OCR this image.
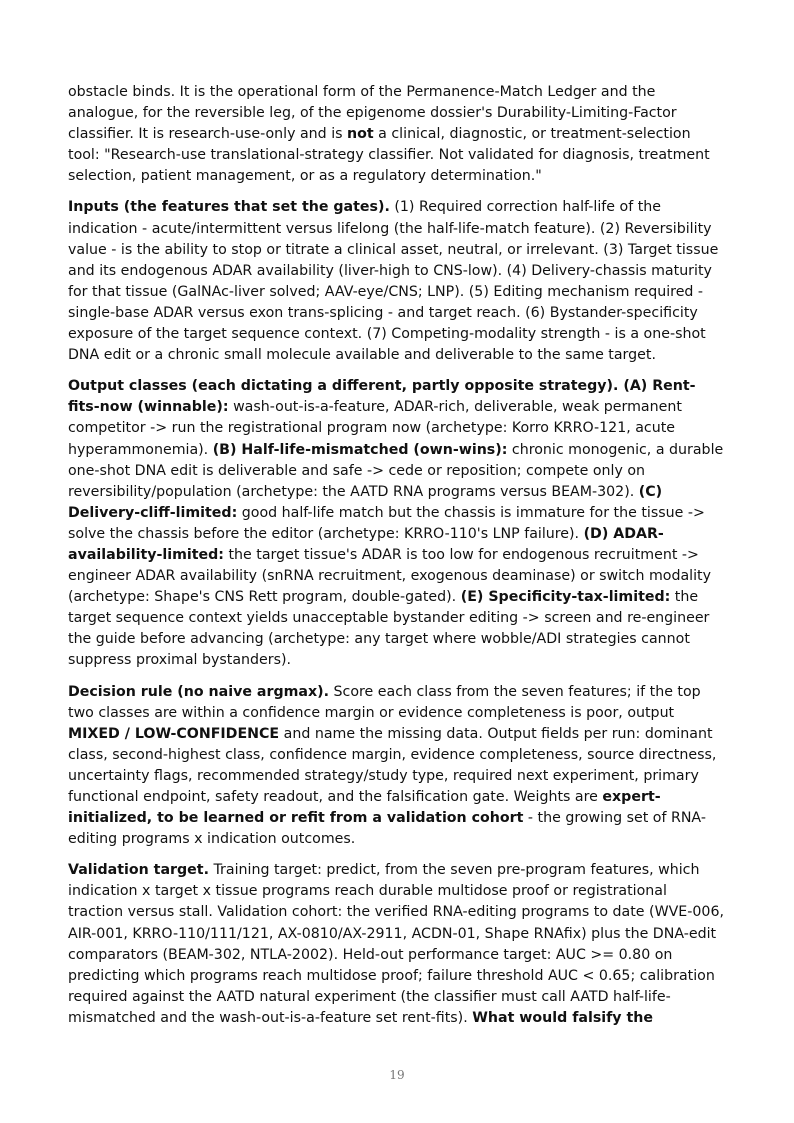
obstacle binds. It is the operational form of the Permanence-Match Ledger and the analogue, for the reversible leg, of the epigenome dossier's Durability-Limiting-Factor classifier. It is research-use-only and is not a clinical, diagnostic, or treatment-selection tool: "Research-use translational-strategy classifier. Not validated for diagnosis, treatment selection, patient management, or as a regulatory determination."

Inputs (the features that set the gates). (1) Required correction half-life of the indication - acute/intermittent versus lifelong (the half-life-match feature). (2) Reversibility value - is the ability to stop or titrate a clinical asset, neutral, or irrelevant. (3) Target tissue and its endogenous ADAR availability (liver-high to CNS-low). (4) Delivery-chassis maturity for that tissue (GalNAc-liver solved; AAV-eye/CNS; LNP). (5) Editing mechanism required - single-base ADAR versus exon trans-splicing - and target reach. (6) Bystander-specificity exposure of the target sequence context. (7) Competing-modality strength - is a one-shot DNA edit or a chronic small molecule available and deliverable to the same target.

Output classes (each dictating a different, partly opposite strategy). (A) Rent-fits-now (winnable): wash-out-is-a-feature, ADAR-rich, deliverable, weak permanent competitor -> run the registrational program now (archetype: Korro KRRO-121, acute hyperammonemia). (B) Half-life-mismatched (own-wins): chronic monogenic, a durable one-shot DNA edit is deliverable and safe -> cede or reposition; compete only on reversibility/population (archetype: the AATD RNA programs versus BEAM-302). (C) Delivery-cliff-limited: good half-life match but the chassis is immature for the tissue -> solve the chassis before the editor (archetype: KRRO-110's LNP failure). (D) ADAR-availability-limited: the target tissue's ADAR is too low for endogenous recruitment -> engineer ADAR availability (snRNA recruitment, exogenous deaminase) or switch modality (archetype: Shape's CNS Rett program, double-gated). (E) Specificity-tax-limited: the target sequence context yields unacceptable bystander editing -> screen and re-engineer the guide before advancing (archetype: any target where wobble/ADI strategies cannot suppress proximal bystanders).

Decision rule (no naive argmax). Score each class from the seven features; if the top two classes are within a confidence margin or evidence completeness is poor, output MIXED / LOW-CONFIDENCE and name the missing data. Output fields per run: dominant class, second-highest class, confidence margin, evidence completeness, source directness, uncertainty flags, recommended strategy/study type, required next experiment, primary functional endpoint, safety readout, and the falsification gate. Weights are expert-initialized, to be learned or refit from a validation cohort - the growing set of RNA-editing programs x indication outcomes.

Validation target. Training target: predict, from the seven pre-program features, which indication x target x tissue programs reach durable multidose proof or registrational traction versus stall. Validation cohort: the verified RNA-editing programs to date (WVE-006, AIR-001, KRRO-110/111/121, AX-0810/AX-2911, ACDN-01, Shape RNAfix) plus the DNA-edit comparators (BEAM-302, NTLA-2002). Held-out performance target: AUC >= 0.80 on predicting which programs reach multidose proof; failure threshold AUC < 0.65; calibration required against the AATD natural experiment (the classifier must call AATD half-life-mismatched and the wash-out-is-a-feature set rent-fits). What would falsify the

19
